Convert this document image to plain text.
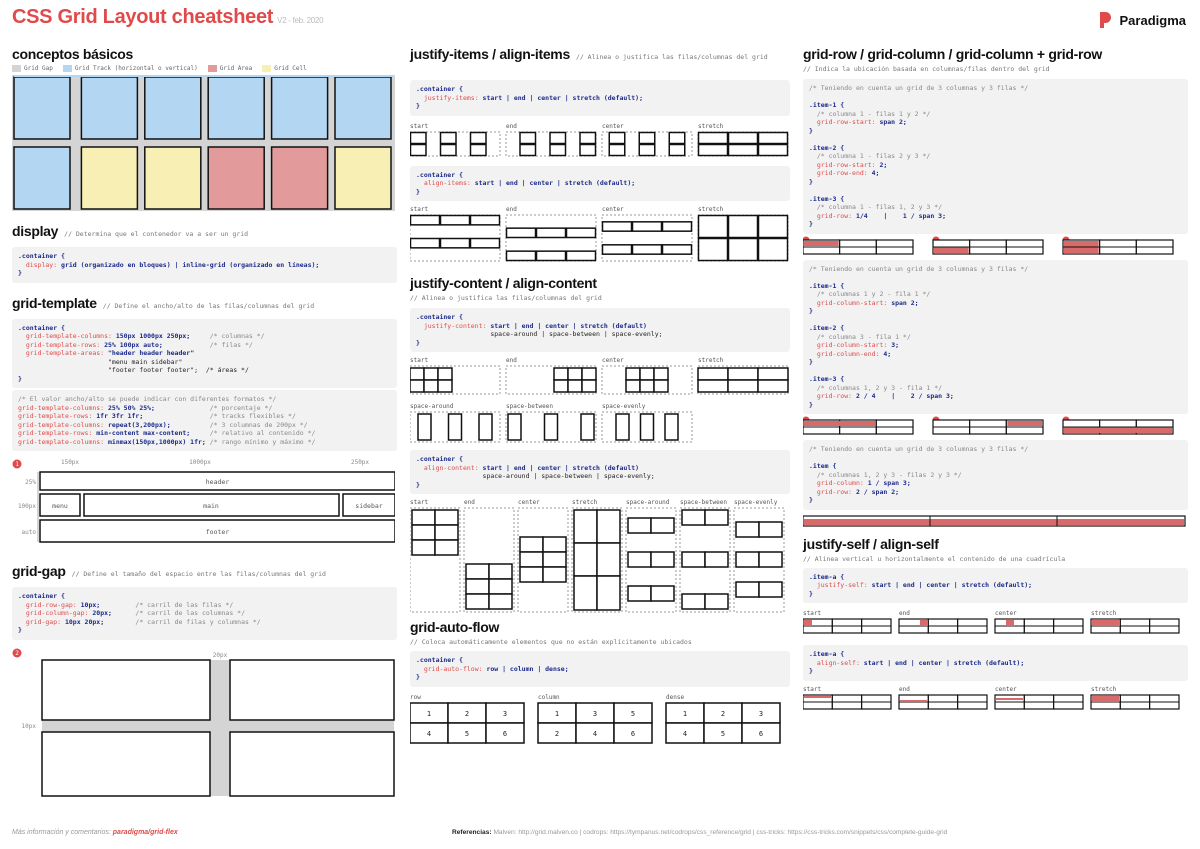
CSS Grid Layout cheatsheet V2 - feb. 2020	Paradigma
conceptos básicos
Grid Gap	Grid Track (horizontal o vertical)	Grid Area	Grid Cell
display // Determina que el contenedor va a ser un grid
.container {
display: grid (organizado en bloques) | inline-grid (organizado en líneas);
}
grid-template // Define el ancho/alto de las filas/columnas del grid
.container {
grid-template-columns: 150px 1000px 250px;     /* columnas */
grid-template-rows: 25% 100px auto;            /* filas */
grid-template-areas: "header header header"
"menu main sidebar"
"footer footer footer";  /* áreas */
}
/* El valor ancho/alto se puede indicar con diferentes formatos */
grid-template-columns: 25% 50% 25%;              /* porcentaje */
grid-template-rows: 1fr 3fr 1fr;                 /* tracks flexibles */
grid-template-columns: repeat(3,200px);          /* 3 columnas de 200px */
grid-template-rows: min-content max-content;     /* relativo al contenido */
grid-template-columns: minmax(150px,1000px) 1fr; /* rango mínimo y máximo */
150px	1000px	250px
1
header
menu	main	sidebar
footer
25%
100px
auto
grid-gap // Define el tamaño del espacio entre las filas/columnas del grid
.container {
grid-row-gap: 10px;         /* carril de las filas */
grid-column-gap: 20px;      /* carril de las columnas */
grid-gap: 10px 20px;        /* carril de filas y columnas */
}
2	20px
10px
justify-items / align-items // Alinea o justifica las filas/columnas del grid
.container {
justify-items: start | end | center | stretch (default);
}
start	end	center	stretch
.container {
align-items: start | end | center | stretch (default);
}
start	end	center	stretch
justify-content / align-content
// Alinea o justifica las filas/columnas del grid
.container {
justify-content: start | end | center | stretch (default)
space-around | space-between | space-evenly;
}
start	end	center	stretch
space-around	space-between	space-evenly
.container {
align-content: start | end | center | stretch (default)
space-around | space-between | space-evenly;
}
start	end	center	stretch	space-around space-between space-evenly
grid-auto-flow
// Coloca automáticamente elementos que no están explícitamente ubicados
.container {
grid-auto-flow: row | column | dense;
}
row
1	2	3
4	5	6
column
1	3	5
2	4	6
dense
1	2	3
4	5	6
grid-row / grid-column / grid-column + grid-row
// Indica la ubicación basada en columnas/filas dentro del grid
/* Teniendo en cuenta un grid de 3 columnas y 3 filas */
.item-1 {
/* columna 1 - filas 1 y 2 */
grid-row-start: span 2;
}
.item-2 {
/* columna 1 - filas 2 y 3 */
grid-row-start: 2;
grid-row-end: 4;
}
.item-3 {
/* columna 1 - filas 1, 2 y 3 */
grid-row: 1/4    |    1 / span 3;
}
/* Teniendo en cuenta un grid de 3 columnas y 3 filas */
.item-1 {
/* columnas 1 y 2 - fila 1 */
grid-column-start: span 2;
}
.item-2 {
/* columna 3 - fila 1 */
grid-column-start: 3;
grid-column-end: 4;
}
.item-3 {
/* columnas 1, 2 y 3 - fila 1 */
grid-row: 2 / 4    |    2 / span 3;
}
/* Teniendo en cuenta un grid de 3 columnas y 3 filas */
.item {
/* columnas 1, 2 y 3 - filas 2 y 3 */
grid-column: 1 / span 3;
grid-row: 2 / span 2;
}
justify-self / align-self
// Alinea vertical u horizontalmente el contenido de una cuadrícula
.item-a {
justify-self: start | end | center | stretch (default);
}
start	end	center	stretch
.item-a {
align-self: start | end | center | stretch (default);
}
start	end	center	stretch
Más información y comentarios: paradigma/grid-flex	Referencias: Malven: http://grid.malven.co | codrops: https://tympanus.net/codrops/css_reference/grid | css-tricks: https://css-tricks.com/snippets/css/complete-guide-grid
